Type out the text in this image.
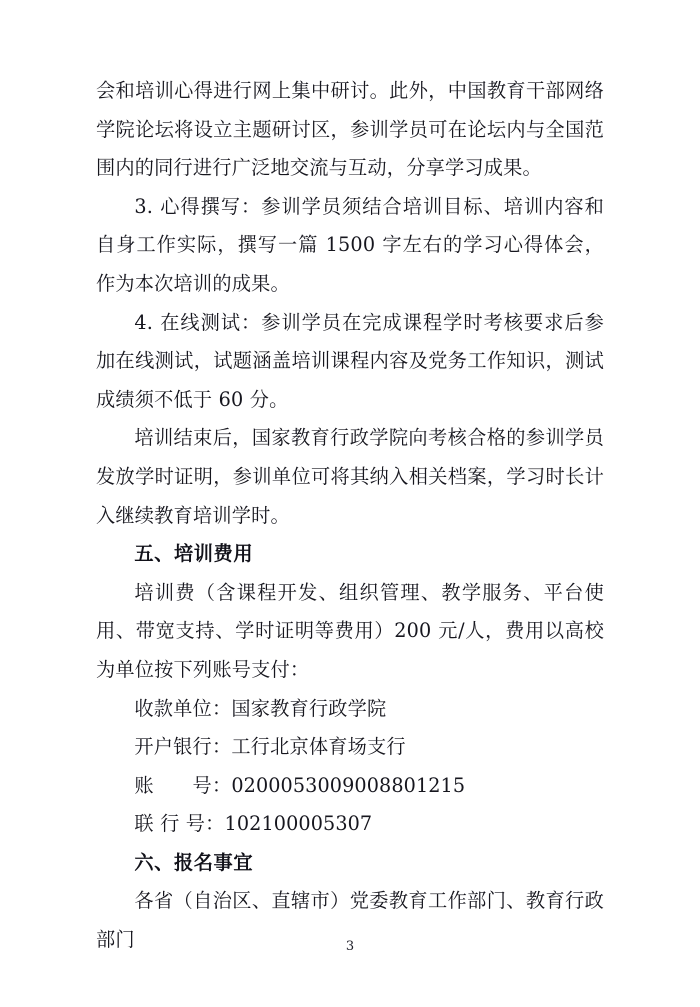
会和培训心得进行网上集中研讨。此外，中国教育干部网络学院论坛将设立主题研讨区，参训学员可在论坛内与全国范围内的同行进行广泛地交流与互动，分享学习成果。

3. 心得撰写：参训学员须结合培训目标、培训内容和自身工作实际，撰写一篇 1500 字左右的学习心得体会，作为本次培训的成果。

4. 在线测试：参训学员在完成课程学时考核要求后参加在线测试，试题涵盖培训课程内容及党务工作知识，测试成绩须不低于 60 分。

培训结束后，国家教育行政学院向考核合格的参训学员发放学时证明，参训单位可将其纳入相关档案，学习时长计入继续教育培训学时。

五、培训费用

培训费（含课程开发、组织管理、教学服务、平台使用、带宽支持、学时证明等费用）200 元/人，费用以高校为单位按下列账号支付：

收款单位：国家教育行政学院

开户银行：工行北京体育场支行

账　　号：0200053009008801215

联 行 号：102100005307

六、报名事宜

各省（自治区、直辖市）党委教育工作部门、教育行政部门	3
